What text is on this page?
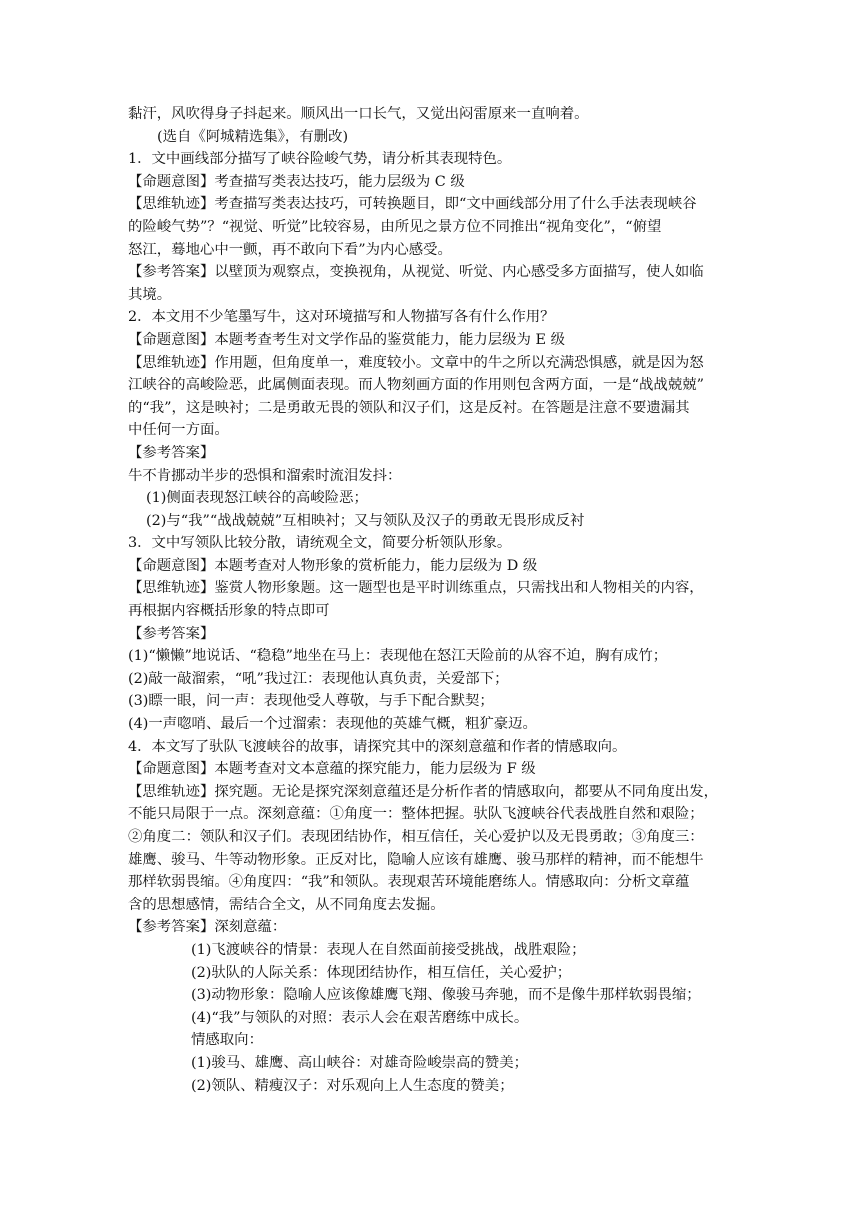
黏汗，风吹得身子抖起来。顺风出一口长气，又觉出闷雷原来一直响着。
(选自《阿城精选集》，有删改)
1．文中画线部分描写了峡谷险峻气势，请分析其表现特色。
【命题意图】考查描写类表达技巧，能力层级为 C 级
【思维轨迹】考查描写类表达技巧，可转换题目，即“文中画线部分用了什么手法表现峡谷
的险峻气势”？“视觉、听觉”比较容易，由所见之景方位不同推出“视角变化”，“俯望
怒江，蓦地心中一颤，再不敢向下看”为内心感受。
【参考答案】以壁顶为观察点，变换视角，从视觉、听觉、内心感受多方面描写，使人如临
其境。
2．本文用不少笔墨写牛，这对环境描写和人物描写各有什么作用？
【命题意图】本题考查考生对文学作品的鉴赏能力，能力层级为 E 级
【思维轨迹】作用题，但角度单一，难度较小。文章中的牛之所以充满恐惧感，就是因为怒
江峡谷的高峻险恶，此属侧面表现。而人物刻画方面的作用则包含两方面，一是“战战兢兢”
的“我”，这是映衬；二是勇敢无畏的领队和汉子们，这是反衬。在答题是注意不要遗漏其
中任何一方面。
【参考答案】
牛不肯挪动半步的恐惧和溜索时流泪发抖：
(1)侧面表现怒江峡谷的高峻险恶；
(2)与“我”“战战兢兢”互相映衬；又与领队及汉子的勇敢无畏形成反衬
3．文中写领队比较分散，请统观全文，简要分析领队形象。
【命题意图】本题考查对人物形象的赏析能力，能力层级为 D 级
【思维轨迹】鉴赏人物形象题。这一题型也是平时训练重点，只需找出和人物相关的内容，
再根据内容概括形象的特点即可
【参考答案】
(1)“懒懒”地说话、“稳稳”地坐在马上：表现他在怒江天险前的从容不迫，胸有成竹；
(2)敲一敲溜索，“吼”我过江：表现他认真负责，关爱部下；
(3)瞟一眼，问一声：表现他受人尊敬，与手下配合默契；
(4)一声唿哨、最后一个过溜索：表现他的英雄气概，粗犷豪迈。
4．本文写了驮队飞渡峡谷的故事，请探究其中的深刻意蕴和作者的情感取向。
【命题意图】本题考查对文本意蕴的探究能力，能力层级为 F 级
【思维轨迹】探究题。无论是探究深刻意蕴还是分析作者的情感取向，都要从不同角度出发，
不能只局限于一点。深刻意蕴：①角度一：整体把握。驮队飞渡峡谷代表战胜自然和艰险；
②角度二：领队和汉子们。表现团结协作，相互信任，关心爱护以及无畏勇敢；③角度三：
雄鹰、骏马、牛等动物形象。正反对比，隐喻人应该有雄鹰、骏马那样的精神，而不能想牛
那样软弱畏缩。④角度四：“我”和领队。表现艰苦环境能磨练人。情感取向：分析文章蕴
含的思想感情，需结合全文，从不同角度去发掘。
【参考答案】深刻意蕴：
(1)飞渡峡谷的情景：表现人在自然面前接受挑战，战胜艰险；
(2)驮队的人际关系：体现团结协作，相互信任，关心爱护；
(3)动物形象：隐喻人应该像雄鹰飞翔、像骏马奔驰，而不是像牛那样软弱畏缩；
(4)“我”与领队的对照：表示人会在艰苦磨练中成长。
情感取向：
(1)骏马、雄鹰、高山峡谷：对雄奇险峻崇高的赞美；
(2)领队、精瘦汉子：对乐观向上人生态度的赞美；
